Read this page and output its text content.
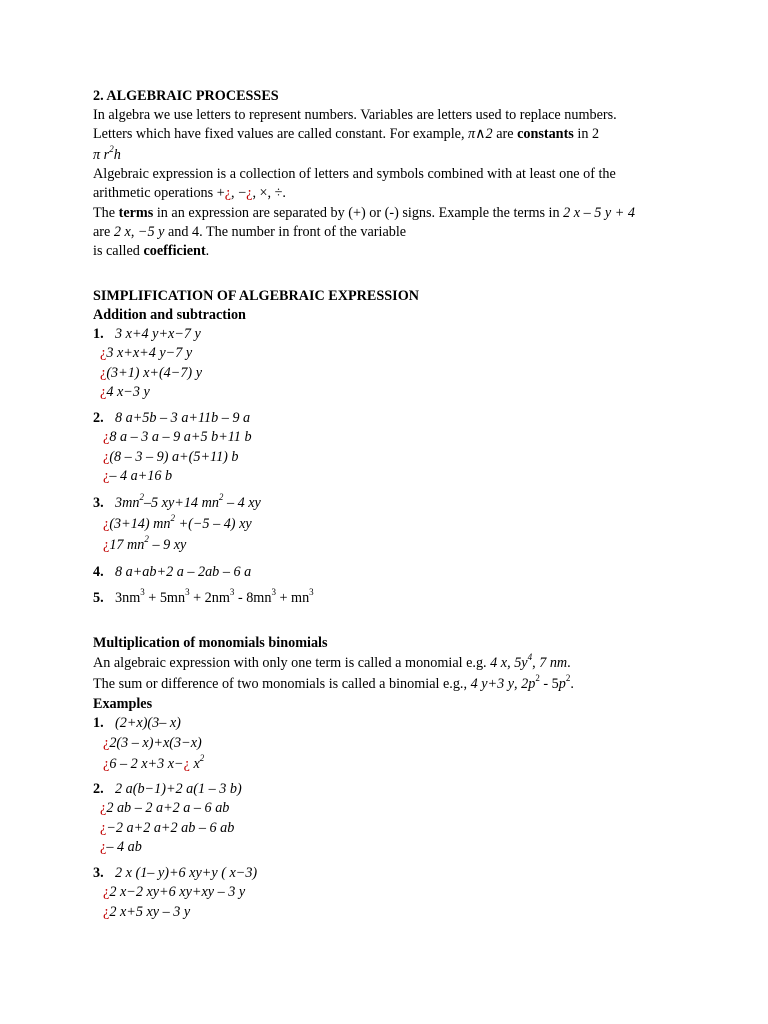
2. ALGEBRAIC PROCESSES
In algebra we use letters to represent numbers. Variables are letters used to replace numbers.
Letters which have fixed values are called constant. For example, π∧2 are constants in 2
π $r^2h$
Algebraic expression is a collection of letters and symbols combined with at least one of the
arithmetic operations +¿, −¿, ×, ÷.
The terms in an expression are separated by (+) or (-) signs. Example the terms in 2 x – 5 y + 4
are 2 x, −5 y and 4. The number in front of the variable
is called coefficient.
SIMPLIFICATION OF ALGEBRAIC EXPRESSION
Addition and subtraction
1. 3 x+4 y+x−7 y
¿3 x+x+4 y−7 y
¿(3+1) x+(4−7) y
¿4 x−3 y
2. 8 a+5b – 3 a+11b – 9 a
¿8 a – 3 a – 9 a+5 b+11 b
¿(8 – 3 – 9) a+(5+11) b
¿– 4 a+16 b
3. $3mn^2-5$ xy+14 $mn^2 - 4$ xy
¿(3+14) $mn^2 +(-5 - 4)$ xy
¿17 $mn^2 - 9$ xy
4. 8 a+ab+2 a – 2ab – 6 a
5. $3nm^3 + 5mn^3 + 2nm^3 - 8mn^3 + mn^3$
Multiplication of monomials binomials
An algebraic expression with only one term is called a monomial e.g. 4 x, $5y^4$, 7 nm.
The sum or difference of two monomials is called a binomial e.g., 4 y+3 y, $2p^2 - 5p^2$.
Examples
1. (2+x)(3– x)
¿2(3 – x)+x(3−x)
¿6 – 2 x+3 x−¿ $x^2$
2. 2 a(b−1)+2 a(1 – 3 b)
¿2 ab – 2 a+2 a – 6 ab
¿−2 a+2 a+2 ab – 6 ab
¿– 4 ab
3. 2 x (1– y)+6 xy+y ( x−3)
¿2 x−2 xy+6 xy+xy – 3 y
¿2 x+5 xy – 3 y
